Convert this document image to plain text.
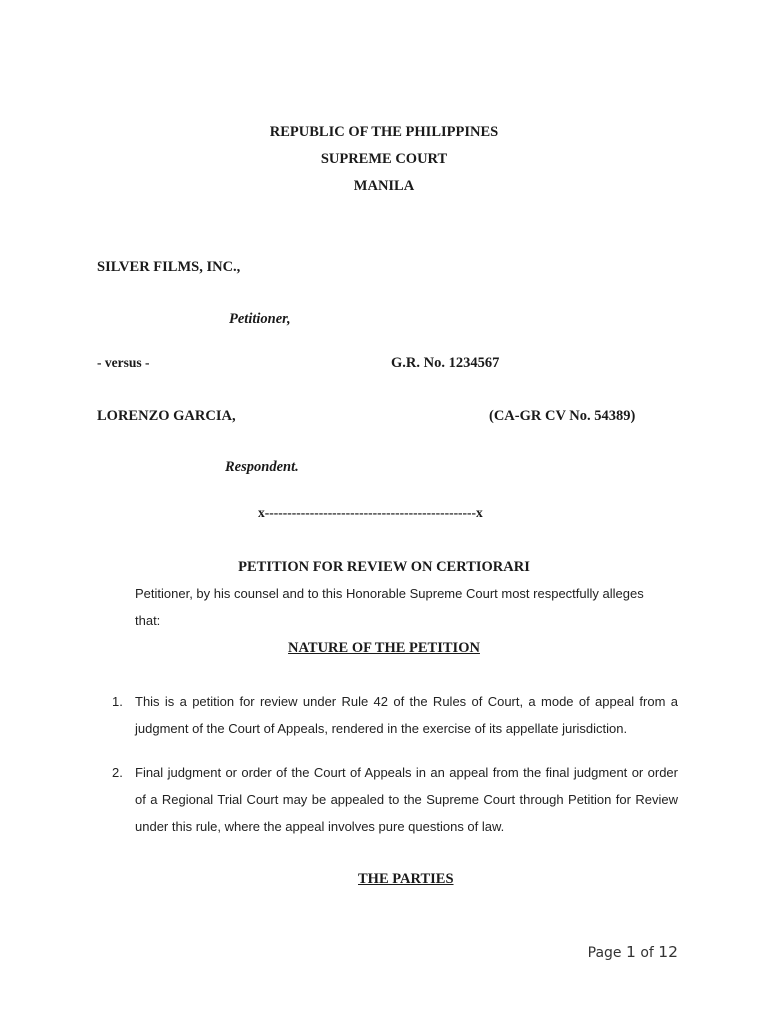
REPUBLIC OF THE PHILIPPINES
SUPREME COURT
MANILA
SILVER FILMS, INC.,
Petitioner,
- versus -	G.R. No. 1234567
LORENZO GARCIA,	(CA-GR CV No. 54389)
Respondent.
x-----------------------------------------------x
PETITION FOR REVIEW ON CERTIORARI
Petitioner, by his counsel and to this Honorable Supreme Court most respectfully alleges
that:
NATURE OF THE PETITION
1. This is a petition for review under Rule 42 of the Rules of Court, a mode of appeal from a judgment of the Court of Appeals, rendered in the exercise of its appellate jurisdiction.
2. Final judgment or order of the Court of Appeals in an appeal from the final judgment or order of a Regional Trial Court may be appealed to the Supreme Court through Petition for Review under this rule, where the appeal involves pure questions of law.
THE PARTIES
Page 1 of 12
